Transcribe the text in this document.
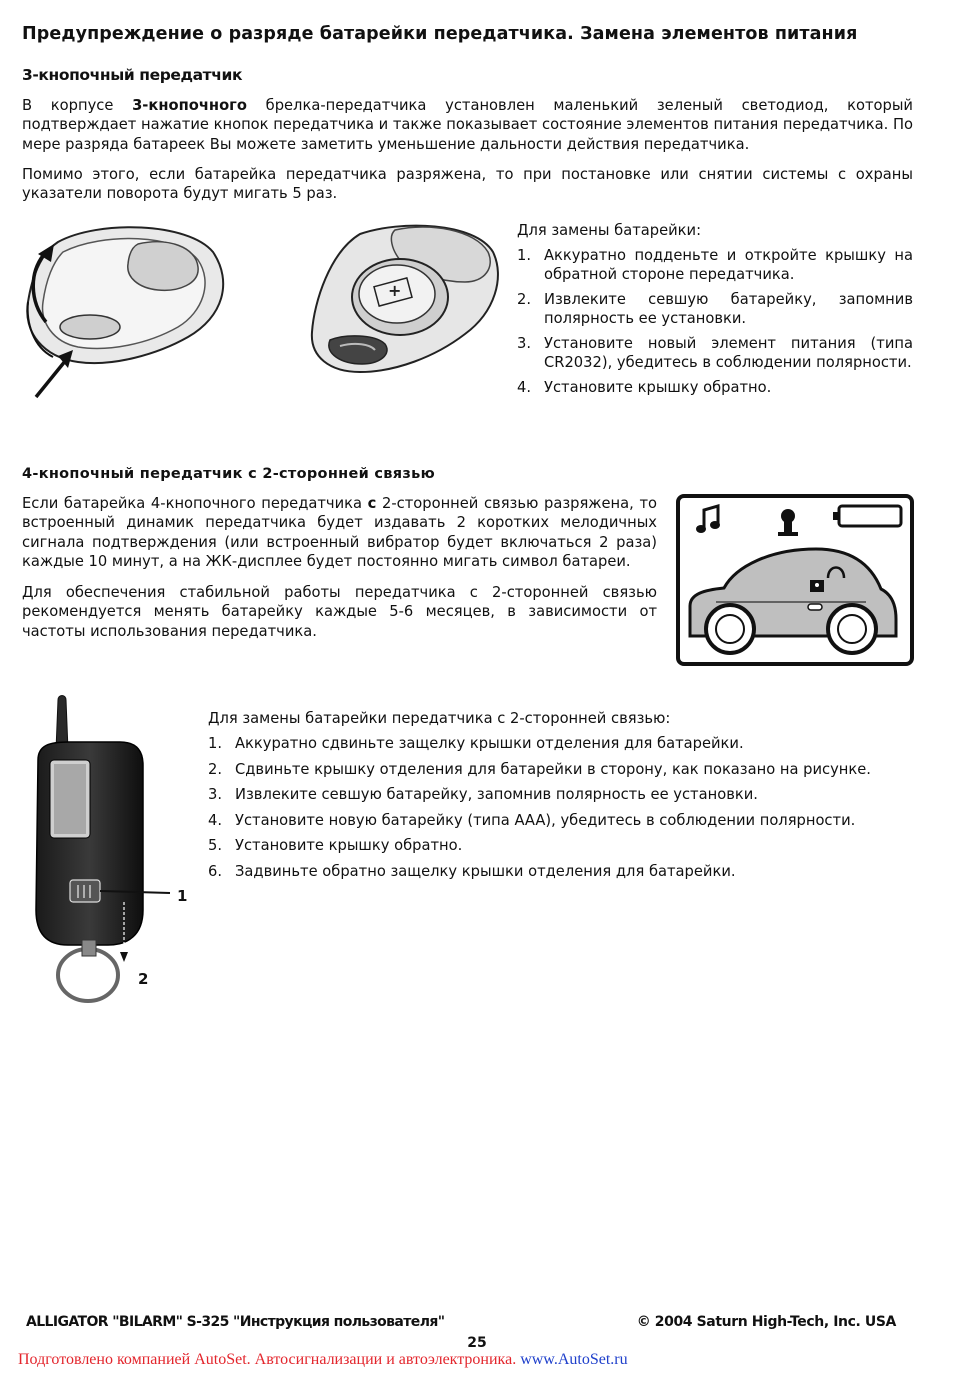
Предупреждение о разряде батарейки передатчика. Замена элементов питания
3-кнопочный передатчик

В корпусе 3-кнопочного брелка-передатчика установлен маленький зеленый светодиод, который подтверждает нажатие кнопок передатчика и также показывает состояние элементов питания передатчика. По мере разряда батареек Вы можете заметить уменьшение дальности действия передатчика.

Помимо этого, если батарейка передатчика разряжена, то при постановке или снятии системы с охраны указатели поворота будут мигать 5 раз.

+

Для замены батарейки:

1. Аккуратно подденьте и откройте крышку на обратной стороне передатчика.
2. Извлеките севшую батарейку, запомнив полярность ее установки.
3. Установите новый элемент питания (типа CR2032), убедитесь в соблюдении полярности.
4. Установите крышку обратно.
4-кнопочный передатчик с 2-сторонней связью

Если батарейка 4-кнопочного передатчика с 2-сторонней связью разряжена, то встроенный динамик передатчика будет издавать 2 коротких мелодичных сигнала подтверждения (или встроенный вибратор будет включаться 2 раза) каждые 10 минут, а на ЖК-дисплее будет постоянно мигать символ батареи.

Для обеспечения стабильной работы передатчика с 2-сторонней связью рекомендуется менять батарейку каждые 5-6 месяцев, в зависимости от частоты использования передатчика.

1
2

Для замены батарейки передатчика с 2-сторонней связью:

1. Аккуратно сдвиньте защелку крышки отделения для батарейки.
2. Сдвиньте крышку отделения для батарейки в сторону, как показано на рисунке.
3. Извлеките севшую батарейку, запомнив полярность ее установки.
4. Установите новую батарейку (типа AAA), убедитесь в соблюдении полярности.
5. Установите крышку обратно.
6. Задвиньте обратно защелку крышки отделения для батарейки.
ALLIGATOR "BILARM" S-325 "Инструкция пользователя"	© 2004 Saturn High-Tech, Inc. USA
25
Подготовлено компанией AutoSet. Автосигнализации и автоэлектроника. www.AutoSet.ru
